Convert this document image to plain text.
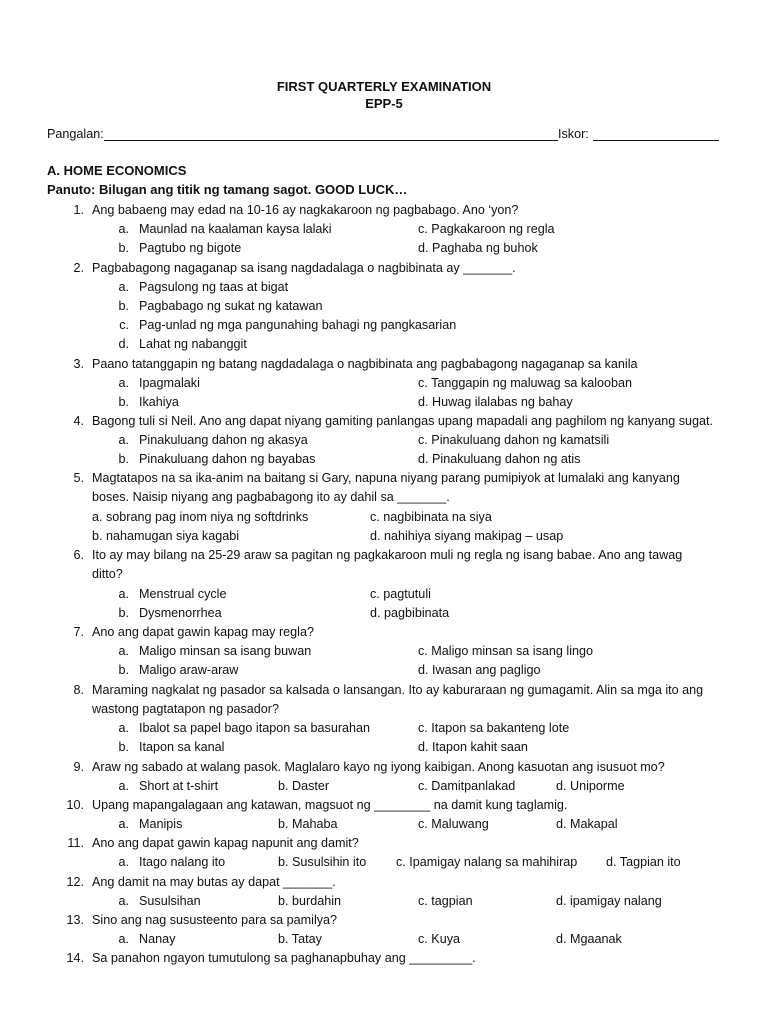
FIRST QUARTERLY EXAMINATION
EPP-5
Pangalan:	Iskor:
A. HOME ECONOMICS
Panuto: Bilugan ang titik ng tamang sagot. GOOD LUCK…
1. Ang babaeng may edad na 10-16 ay nagkakaroon ng pagbabago. Ano ‘yon?
a. Maunlad na kaalaman kaysa lalaki	c. Pagkakaroon ng regla
b. Pagtubo ng bigote	d. Paghaba ng buhok
2. Pagbabagong nagaganap sa isang nagdadalaga o nagbibinata ay _______.
a. Pagsulong ng taas at bigat
b. Pagbabago ng sukat ng katawan
c. Pag-unlad ng mga pangunahing bahagi ng pangkasarian
d. Lahat ng nabanggit
3. Paano tatanggapin ng batang nagdadalaga o nagbibinata ang pagbabagong nagaganap sa kanila
a. Ipagmalaki	c. Tanggapin ng maluwag sa kalooban
b. Ikahiya	d. Huwag ilalabas ng bahay
4. Bagong tuli si Neil. Ano ang dapat niyang gamiting panlangas upang mapadali ang paghilom ng kanyang sugat.
a. Pinakuluang dahon ng akasya	c. Pinakuluang dahon ng kamatsili
b. Pinakuluang dahon ng bayabas	d. Pinakuluang dahon ng atis
5. Magtatapos na sa ika-anim na baitang si Gary, napuna niyang parang pumipiyok at lumalaki ang kanyang
boses. Naisip niyang ang pagbabagong ito ay dahil sa _______.
a. sobrang pag inom niya ng softdrinks	c. nagbibinata na siya
b. nahamugan siya kagabi	d. nahihiya siyang makipag – usap
6. Ito ay may bilang na 25-29 araw sa pagitan ng pagkakaroon muli ng regla ng isang babae. Ano ang tawag
ditto?
a. Menstrual cycle	c. pagtutuli
b. Dysmenorrhea	d. pagbibinata
7. Ano ang dapat gawin kapag may regla?
a. Maligo minsan sa isang buwan	c. Maligo minsan sa isang lingo
b. Maligo araw-araw	d. Iwasan ang pagligo
8. Maraming nagkalat ng pasador sa kalsada o lansangan. Ito ay kaburaraan ng gumagamit. Alin sa mga ito ang
wastong pagtatapon ng pasador?
a. Ibalot sa papel bago itapon sa basurahan	c. Itapon sa bakanteng lote
b. Itapon sa kanal	d. Itapon kahit saan
9. Araw ng sabado at walang pasok. Maglalaro kayo ng iyong kaibigan. Anong kasuotan ang isusuot mo?
a. Short at t-shirt	b. Daster	c. Damitpanlakad	d. Uniporme
10. Upang mapangalagaan ang katawan, magsuot ng ________ na damit kung taglamig.
a. Manipis	b. Mahaba	c. Maluwang	d. Makapal
11. Ano ang dapat gawin kapag napunit ang damit?
a. Itago nalang ito	b. Susulsihin ito c. Ipamigay nalang sa mahihirap d. Tagpian ito
12. Ang damit na may butas ay dapat _______.
a. Susulsihan	b. burdahin	c. tagpian	d. ipamigay nalang
13. Sino ang nag sususteento para sa pamilya?
a. Nanay	b. Tatay	c. Kuya	d. Mgaanak
14. Sa panahon ngayon tumutulong sa paghanapbuhay ang _________.
